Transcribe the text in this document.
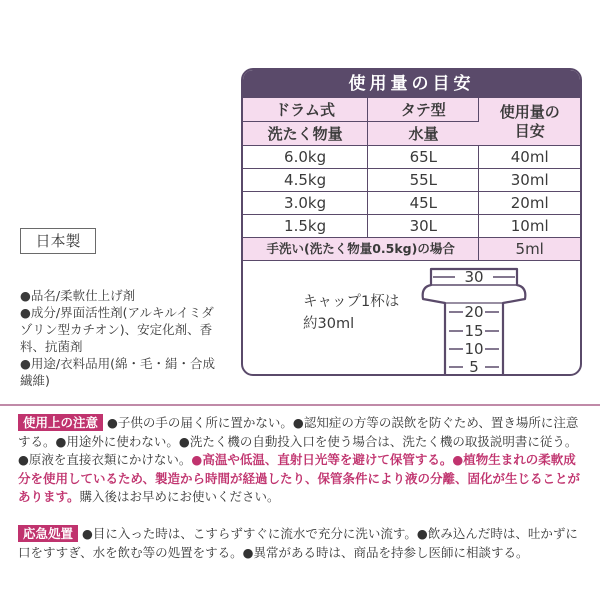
使用量の目安
ドラム式	タテ型	使用量の
目安
洗たく物量	水量	
6.0kg	65L	40ml
4.5kg	55L	30ml
3.0kg	45L	20ml
1.5kg	30L	10ml
手洗い(洗たく物量0.5kg)の場合		5ml
キャップ1杯は
約30ml
30
20
15
10
5
日本製

●品名/柔軟仕上げ剤

●成分/界面活性剤(アルキルイミダゾリン型カチオン)、安定化剤、香料、抗菌剤

●用途/衣料品用(綿・毛・絹・合成繊維)

使用上の注意 ●子供の手の届く所に置かない。●認知症の方等の誤飲を防ぐため、置き場所に注意する。●用途外に使わない。●洗たく機の自動投入口を使う場合は、洗たく機の取扱説明書に従う。●原液を直接衣類にかけない。●高温や低温、直射日光等を避けて保管する。●植物生まれの柔軟成分を使用しているため、製造から時間が経過したり、保管条件により液の分離、固化が生じることがあります。購入後はお早めにお使いください。
応急処置 ●目に入った時は、こすらずすぐに流水で充分に洗い流す。●飲み込んだ時は、吐かずに口をすすぎ、水を飲む等の処置をする。●異常がある時は、商品を持参し医師に相談する。
